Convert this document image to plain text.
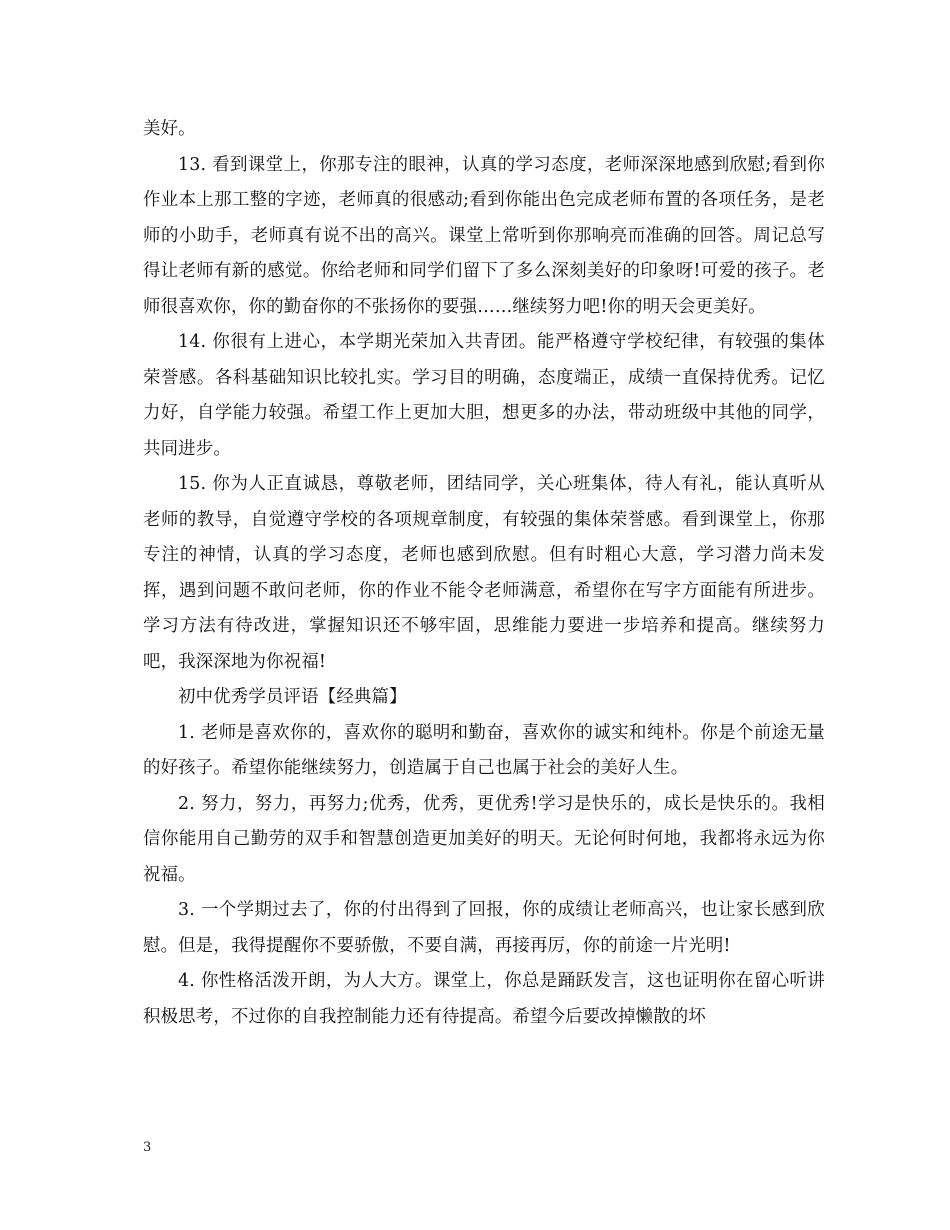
美好。

13. 看到课堂上，你那专注的眼神，认真的学习态度，老师深深地感到欣慰;看到你作业本上那工整的字迹，老师真的很感动;看到你能出色完成老师布置的各项任务，是老师的小助手，老师真有说不出的高兴。课堂上常听到你那响亮而准确的回答。周记总写得让老师有新的感觉。你给老师和同学们留下了多么深刻美好的印象呀!可爱的孩子。老师很喜欢你，你的勤奋你的不张扬你的要强……继续努力吧!你的明天会更美好。

14. 你很有上进心，本学期光荣加入共青团。能严格遵守学校纪律，有较强的集体荣誉感。各科基础知识比较扎实。学习目的明确，态度端正，成绩一直保持优秀。记忆力好，自学能力较强。希望工作上更加大胆，想更多的办法，带动班级中其他的同学，共同进步。

15. 你为人正直诚恳，尊敬老师，团结同学，关心班集体，待人有礼，能认真听从老师的教导，自觉遵守学校的各项规章制度，有较强的集体荣誉感。看到课堂上，你那专注的神情，认真的学习态度，老师也感到欣慰。但有时粗心大意，学习潜力尚未发挥，遇到问题不敢问老师，你的作业不能令老师满意，希望你在写字方面能有所进步。学习方法有待改进，掌握知识还不够牢固，思维能力要进一步培养和提高。继续努力吧，我深深地为你祝福!

初中优秀学员评语【经典篇】

1. 老师是喜欢你的，喜欢你的聪明和勤奋，喜欢你的诚实和纯朴。你是个前途无量的好孩子。希望你能继续努力，创造属于自己也属于社会的美好人生。

2. 努力，努力，再努力;优秀，优秀，更优秀!学习是快乐的，成长是快乐的。我相信你能用自己勤劳的双手和智慧创造更加美好的明天。无论何时何地，我都将永远为你祝福。

3. 一个学期过去了，你的付出得到了回报，你的成绩让老师高兴，也让家长感到欣慰。但是，我得提醒你不要骄傲，不要自满，再接再厉，你的前途一片光明!

4. 你性格活泼开朗，为人大方。课堂上，你总是踊跃发言，这也证明你在留心听讲积极思考，不过你的自我控制能力还有待提高。希望今后要改掉懒散的坏

3
